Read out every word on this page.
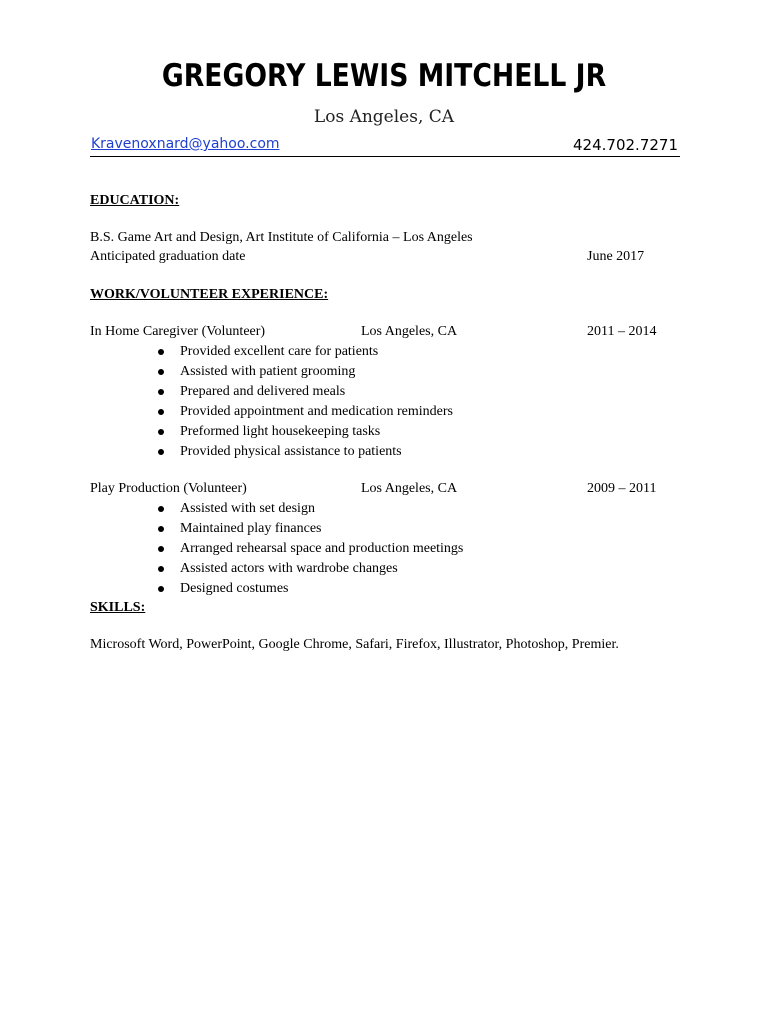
GREGORY LEWIS MITCHELL JR
Los Angeles, CA
Kravenoxnard@yahoo.com	424.702.7271
EDUCATION:
B.S. Game Art and Design, Art Institute of California – Los Angeles
Anticipated graduation date	June 2017
WORK/VOLUNTEER EXPERIENCE:
In Home Caregiver (Volunteer)	Los Angeles, CA	2011 – 2014
Provided excellent care for patients
Assisted with patient grooming
Prepared and delivered meals
Provided appointment and medication reminders
Preformed light housekeeping tasks
Provided physical assistance to patients
Play Production (Volunteer)	Los Angeles, CA	2009 – 2011
Assisted with set design
Maintained play finances
Arranged rehearsal space and production meetings
Assisted actors with wardrobe changes
Designed costumes
SKILLS:
Microsoft Word, PowerPoint, Google Chrome, Safari, Firefox, Illustrator, Photoshop, Premier.
